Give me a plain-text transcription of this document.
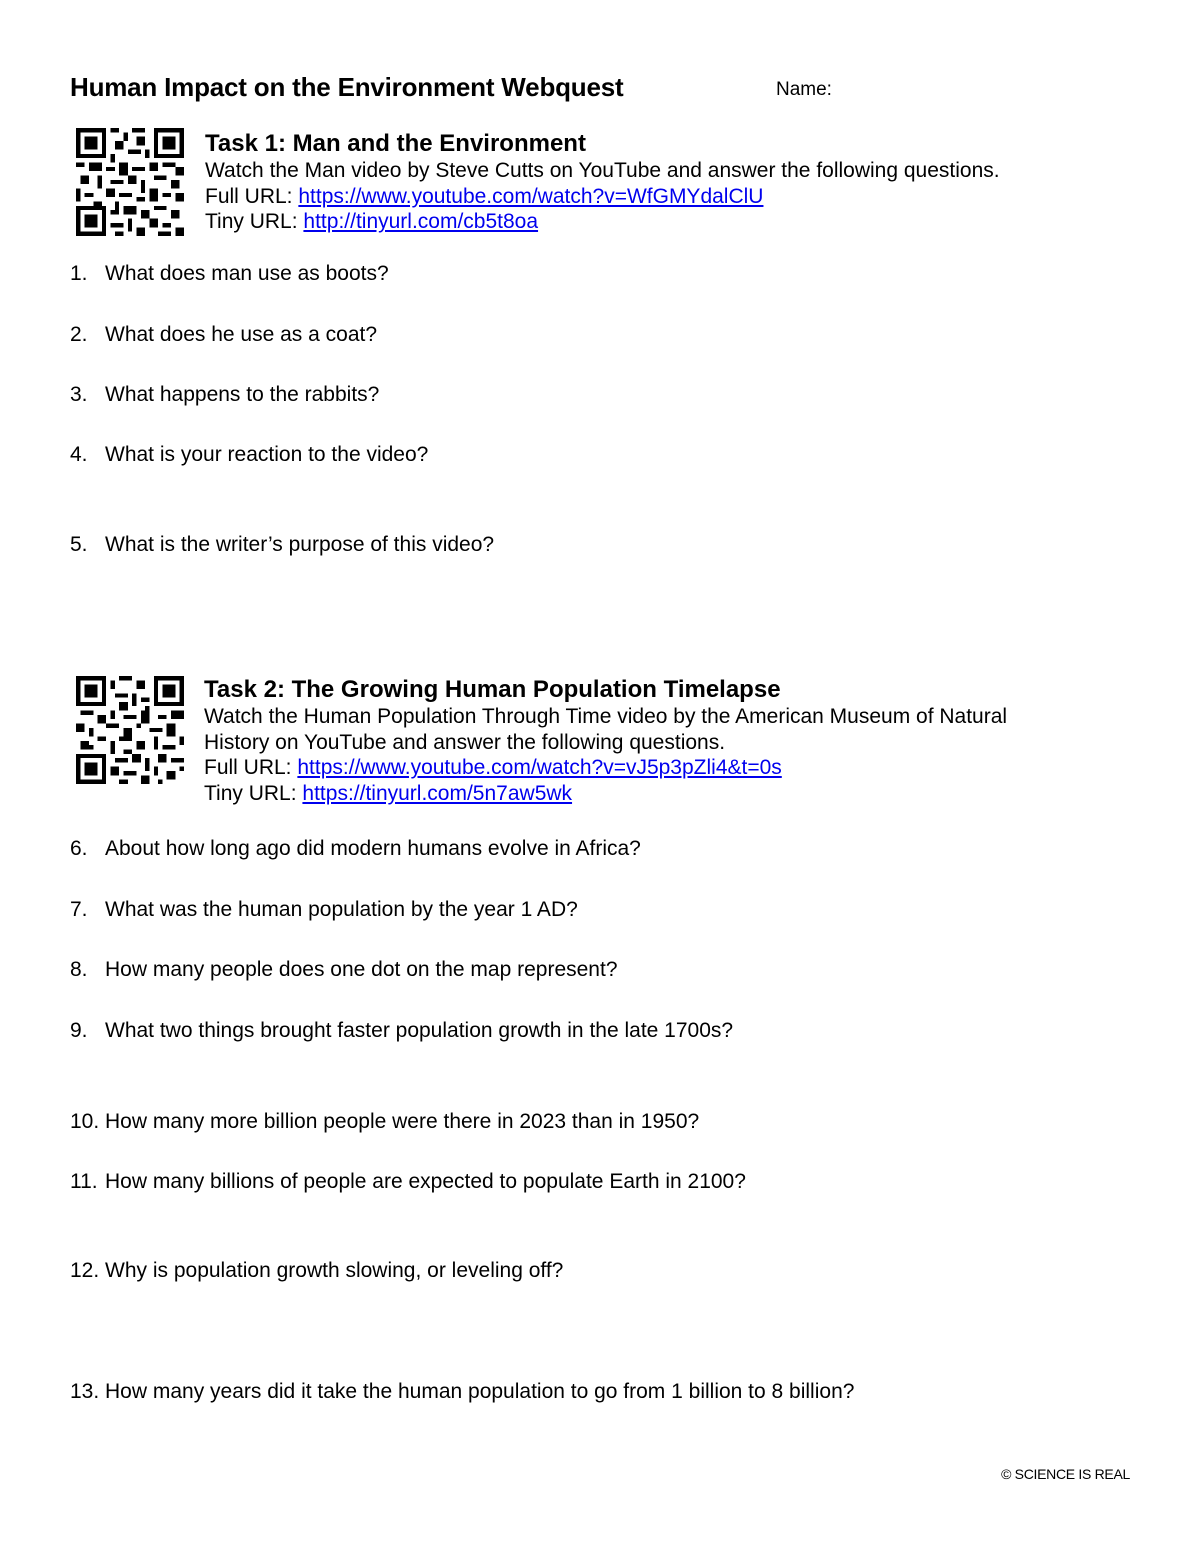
Human Impact on the Environment Webquest	Name:
Task 1: Man and the Environment
Watch the Man video by Steve Cutts on YouTube and answer the following questions.
Full URL: https://www.youtube.com/watch?v=WfGMYdalClU
Tiny URL: http://tinyurl.com/cb5t8oa
1. What does man use as boots?
2. What does he use as a coat?
3. What happens to the rabbits?
4. What is your reaction to the video?
5. What is the writer’s purpose of this video?
Task 2: The Growing Human Population Timelapse
Watch the Human Population Through Time video by the American Museum of Natural
History on YouTube and answer the following questions.
Full URL: https://www.youtube.com/watch?v=vJ5p3pZli4&t=0s
Tiny URL: https://tinyurl.com/5n7aw5wk
6. About how long ago did modern humans evolve in Africa?
7. What was the human population by the year 1 AD?
8. How many people does one dot on the map represent?
9. What two things brought faster population growth in the late 1700s?
10. How many more billion people were there in 2023 than in 1950?
11. How many billions of people are expected to populate Earth in 2100?
12. Why is population growth slowing, or leveling off?
13. How many years did it take the human population to go from 1 billion to 8 billion?
© SCIENCE IS REAL
